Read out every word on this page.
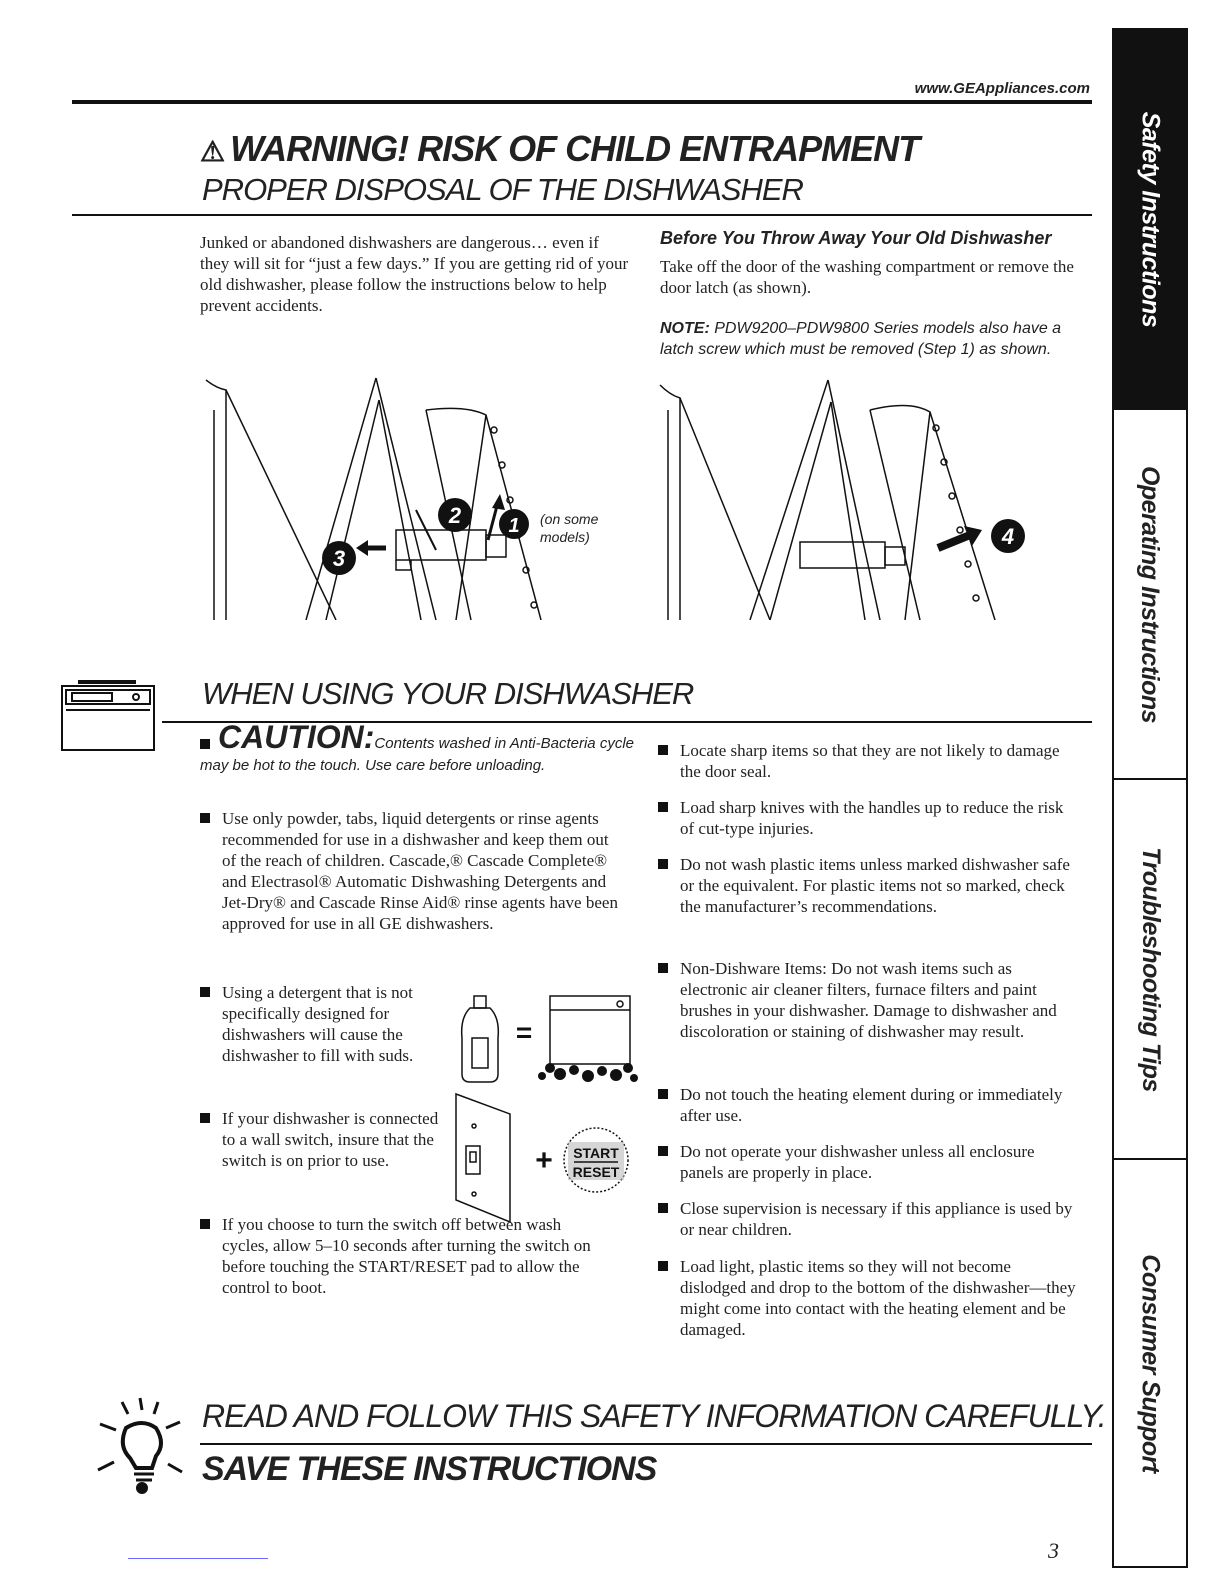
www.GEAppliances.com
⚠ WARNING! RISK OF CHILD ENTRAPMENT
PROPER DISPOSAL OF THE DISHWASHER
Junked or abandoned dishwashers are dangerous… even if they will sit for “just a few days.” If you are getting rid of your old dishwasher, please follow the instructions below to help prevent accidents.
Before You Throw Away Your Old Dishwasher
Take off the door of the washing compartment or remove the door latch (as shown).
NOTE: PDW9200–PDW9800 Series models also have a latch screw which must be removed (Step 1) as shown.
3
2 1 (on some models)	4
WHEN USING YOUR DISHWASHER
CAUTION:Contents washed in Anti-Bacteria cycle may be hot to the touch. Use care before unloading.
Use only powder, tabs, liquid detergents or rinse agents recommended for use in a dishwasher and keep them out of the reach of children. Cascade,® Cascade Complete® and Electrasol® Automatic Dishwashing Detergents and Jet-Dry® and Cascade Rinse Aid® rinse agents have been approved for use in all GE dishwashers.
Using a detergent that is not specifically designed for dishwashers will cause the dishwasher to fill with suds.
If your dishwasher is connected to a wall switch, insure that the switch is on prior to use.
If you choose to turn the switch off between wash cycles, allow 5–10 seconds after turning the switch on before touching the START/RESET pad to allow the control to boot.
=
+ START
RESET
Locate sharp items so that they are not likely to damage the door seal.
Load sharp knives with the handles up to reduce the risk of cut-type injuries.
Do not wash plastic items unless marked dishwasher safe or the equivalent. For plastic items not so marked, check the manufacturer’s recommendations.
Non-Dishware Items: Do not wash items such as electronic air cleaner filters, furnace filters and paint brushes in your dishwasher. Damage to dishwasher and discoloration or staining of dishwasher may result.
Do not touch the heating element during or immediately after use.
Do not operate your dishwasher unless all enclosure panels are properly in place.
Close supervision is necessary if this appliance is used by or near children.
Load light, plastic items so they will not become dislodged and drop to the bottom of the dishwasher—they might come into contact with the heating element and be damaged.
READ AND FOLLOW THIS SAFETY INFORMATION CAREFULLY.
SAVE THESE INSTRUCTIONS
3
Safety Instructions
Operating Instructions
Troubleshooting Tips
Consumer Support
